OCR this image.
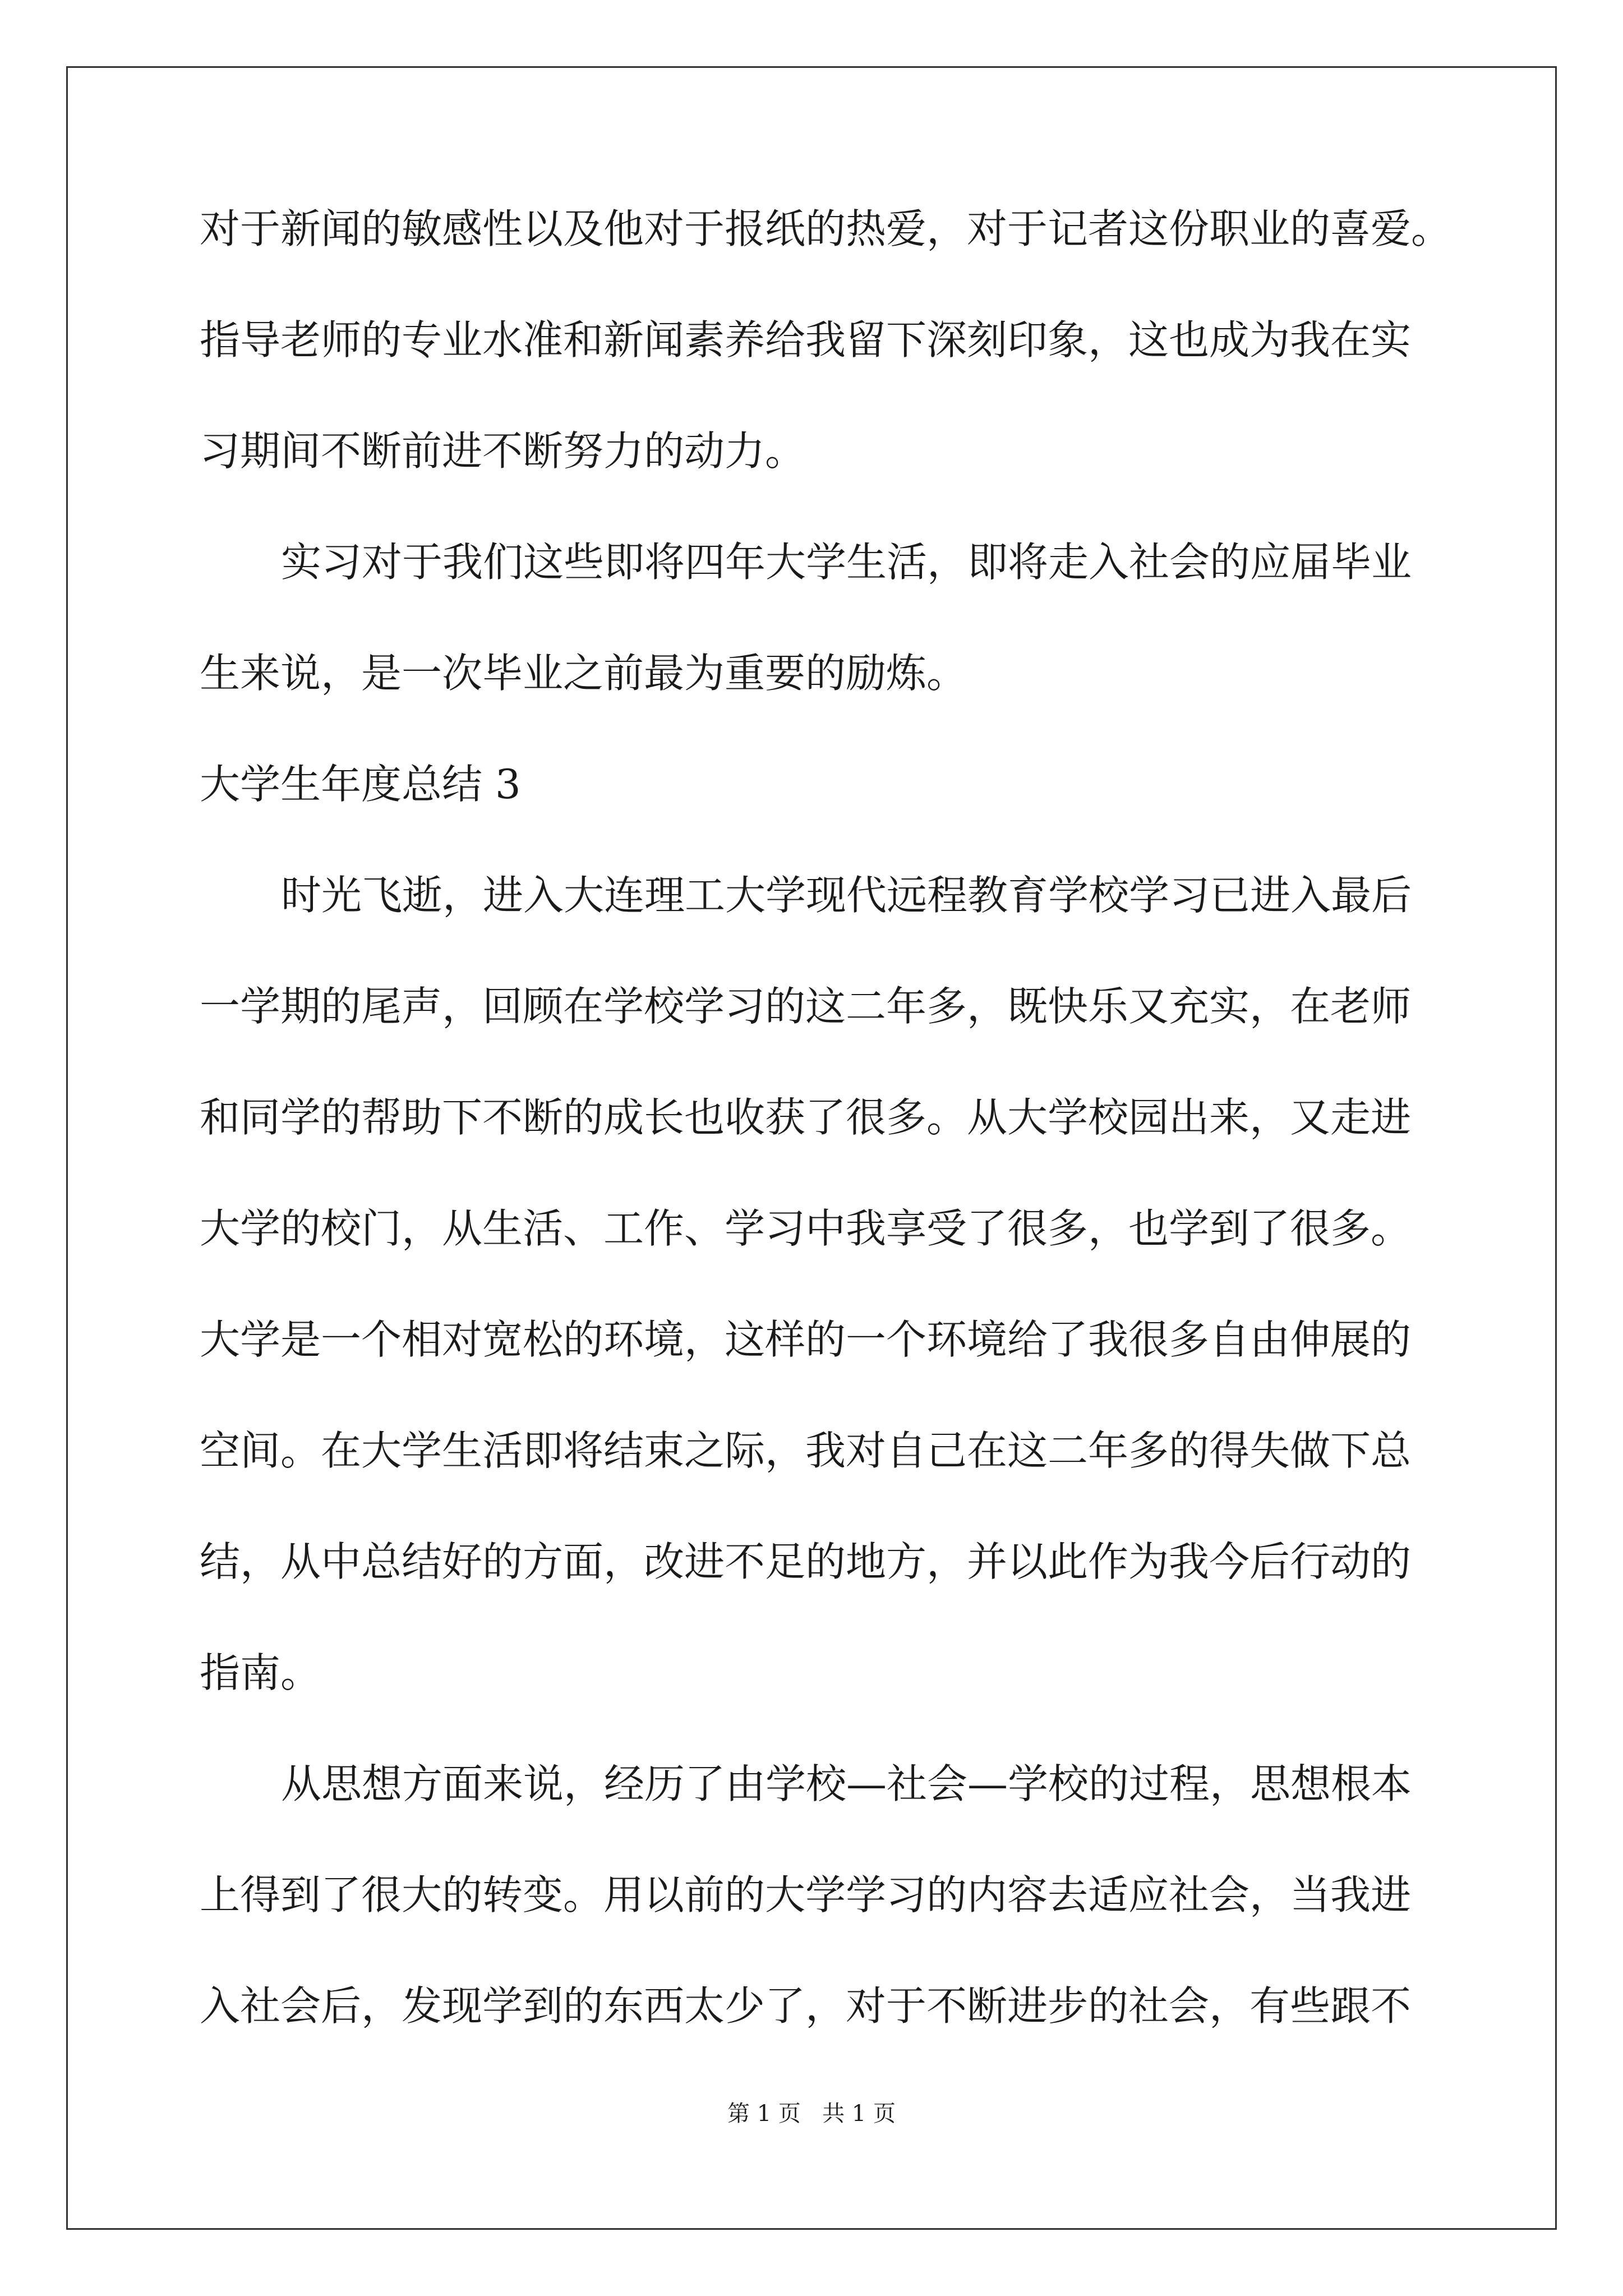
对于新闻的敏感性以及他对于报纸的热爱，对于记者这份职业的喜爱。

指导老师的专业水准和新闻素养给我留下深刻印象，这也成为我在实

习期间不断前进不断努力的动力。

实习对于我们这些即将四年大学生活，即将走入社会的应届毕业

生来说，是一次毕业之前最为重要的励炼。

大学生年度总结 3

时光飞逝，进入大连理工大学现代远程教育学校学习已进入最后

一学期的尾声，回顾在学校学习的这二年多，既快乐又充实，在老师

和同学的帮助下不断的成长也收获了很多。从大学校园出来，又走进

大学的校门，从生活、工作、学习中我享受了很多，也学到了很多。

大学是一个相对宽松的环境，这样的一个环境给了我很多自由伸展的

空间。在大学生活即将结束之际，我对自己在这二年多的得失做下总

结，从中总结好的方面，改进不足的地方，并以此作为我今后行动的

指南。

从思想方面来说，经历了由学校—社会—学校的过程，思想根本

上得到了很大的转变。用以前的大学学习的内容去适应社会，当我进

入社会后，发现学到的东西太少了，对于不断进步的社会，有些跟不

第 1 页   共 1 页
